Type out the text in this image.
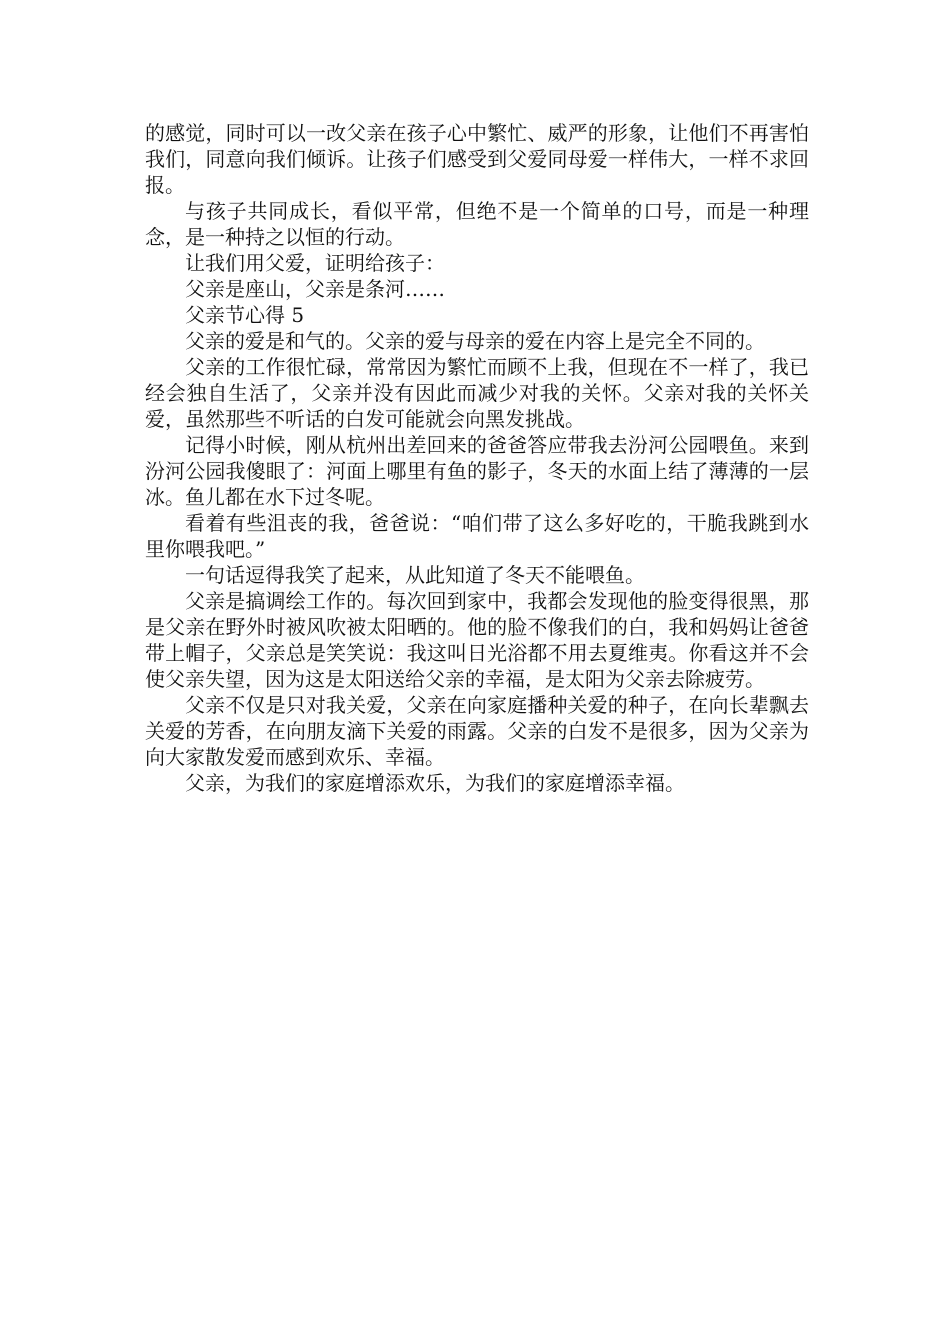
的感觉，同时可以一改父亲在孩子心中繁忙、威严的形象，让他们不再害怕我们，同意向我们倾诉。让孩子们感受到父爱同母爱一样伟大，一样不求回报。

与孩子共同成长，看似平常，但绝不是一个简单的口号，而是一种理念，是一种持之以恒的行动。

让我们用父爱，证明给孩子：

父亲是座山，父亲是条河……

父亲节心得 5

父亲的爱是和气的。父亲的爱与母亲的爱在内容上是完全不同的。

父亲的工作很忙碌，常常因为繁忙而顾不上我，但现在不一样了，我已经会独自生活了，父亲并没有因此而减少对我的关怀。父亲对我的关怀关爱，虽然那些不听话的白发可能就会向黑发挑战。

记得小时候，刚从杭州出差回来的爸爸答应带我去汾河公园喂鱼。来到汾河公园我傻眼了：河面上哪里有鱼的影子，冬天的水面上结了薄薄的一层冰。鱼儿都在水下过冬呢。

看着有些沮丧的我，爸爸说：“咱们带了这么多好吃的，干脆我跳到水里你喂我吧。”

一句话逗得我笑了起来，从此知道了冬天不能喂鱼。

父亲是搞调绘工作的。每次回到家中，我都会发现他的脸变得很黑，那是父亲在野外时被风吹被太阳晒的。他的脸不像我们的白，我和妈妈让爸爸带上帽子，父亲总是笑笑说：我这叫日光浴都不用去夏维夷。你看这并不会使父亲失望，因为这是太阳送给父亲的幸福，是太阳为父亲去除疲劳。

父亲不仅是只对我关爱，父亲在向家庭播种关爱的种子，在向长辈飘去关爱的芳香，在向朋友滴下关爱的雨露。父亲的白发不是很多，因为父亲为向大家散发爱而感到欢乐、幸福。

父亲，为我们的家庭增添欢乐，为我们的家庭增添幸福。
